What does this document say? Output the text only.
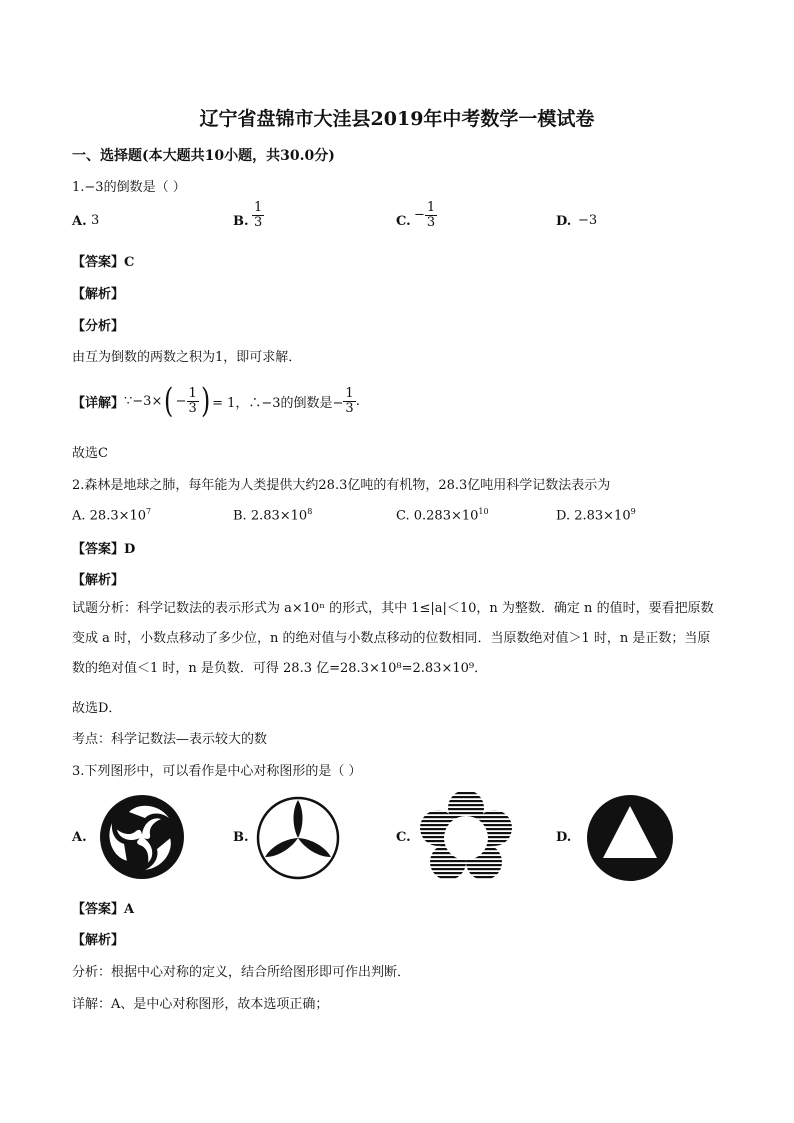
辽宁省盘锦市大洼县2019年中考数学一模试卷
一、选择题(本大题共10小题，共30.0分)
1.−3的倒数是（ ）
A. 3	B. $\frac{1}{3}$	C. − $\frac{1}{3}$	D. −3
【答案】C
【解析】
【分析】
由互为倒数的两数之积为1，即可求解．
【详解】 ∵−3× ( − $\frac{1}{3}$ ) = 1，∴−3的倒数是− $\frac{1}{3}$ .
故选C
2.森林是地球之肺，每年能为人类提供大约28.3亿吨的有机物，28.3亿吨用科学记数法表示为
A. $28.3\times 10^7$	B. $2.83\times 10^8$	C. $0.283\times 10^{10}$	D. $2.83\times 10^9$
【答案】D
【解析】
试题分析：科学记数法的表示形式为 a×10ⁿ 的形式，其中 1≤|a|＜10，n 为整数．确定 n 的值时，要看把原数变成 a 时，小数点移动了多少位，n 的绝对值与小数点移动的位数相同．当原数绝对值＞1 时，n 是正数；当原数的绝对值＜1 时，n 是负数．可得 28.3 亿=28.3×10⁸=2.83×10⁹．
故选D．
考点：科学记数法—表示较大的数
3.下列图形中，可以看作是中心对称图形的是（ ）
A.	B.	C.	D.
【答案】A
【解析】
分析：根据中心对称的定义，结合所给图形即可作出判断．
详解：A、是中心对称图形，故本选项正确；
